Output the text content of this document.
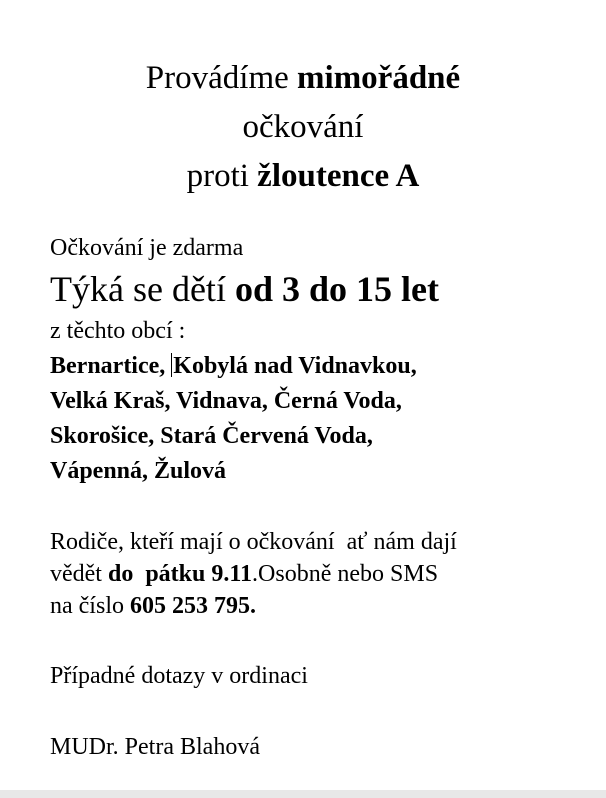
Provádíme mimořádné
očkování
proti žloutence A
Očkování je zdarma
Týká se dětí od 3 do 15 let
z těchto obcí :
Bernartice, Kobylá nad Vidnavkou,
Velká Kraš, Vidnava, Černá Voda,
Skorošice, Stará Červená Voda,
Vápenná, Žulová
Rodiče, kteří mají o očkování  ať nám dají
vědět do  pátku 9.11.Osobně nebo SMS
na číslo 605 253 795.
Případné dotazy v ordinaci
MUDr. Petra Blahová
